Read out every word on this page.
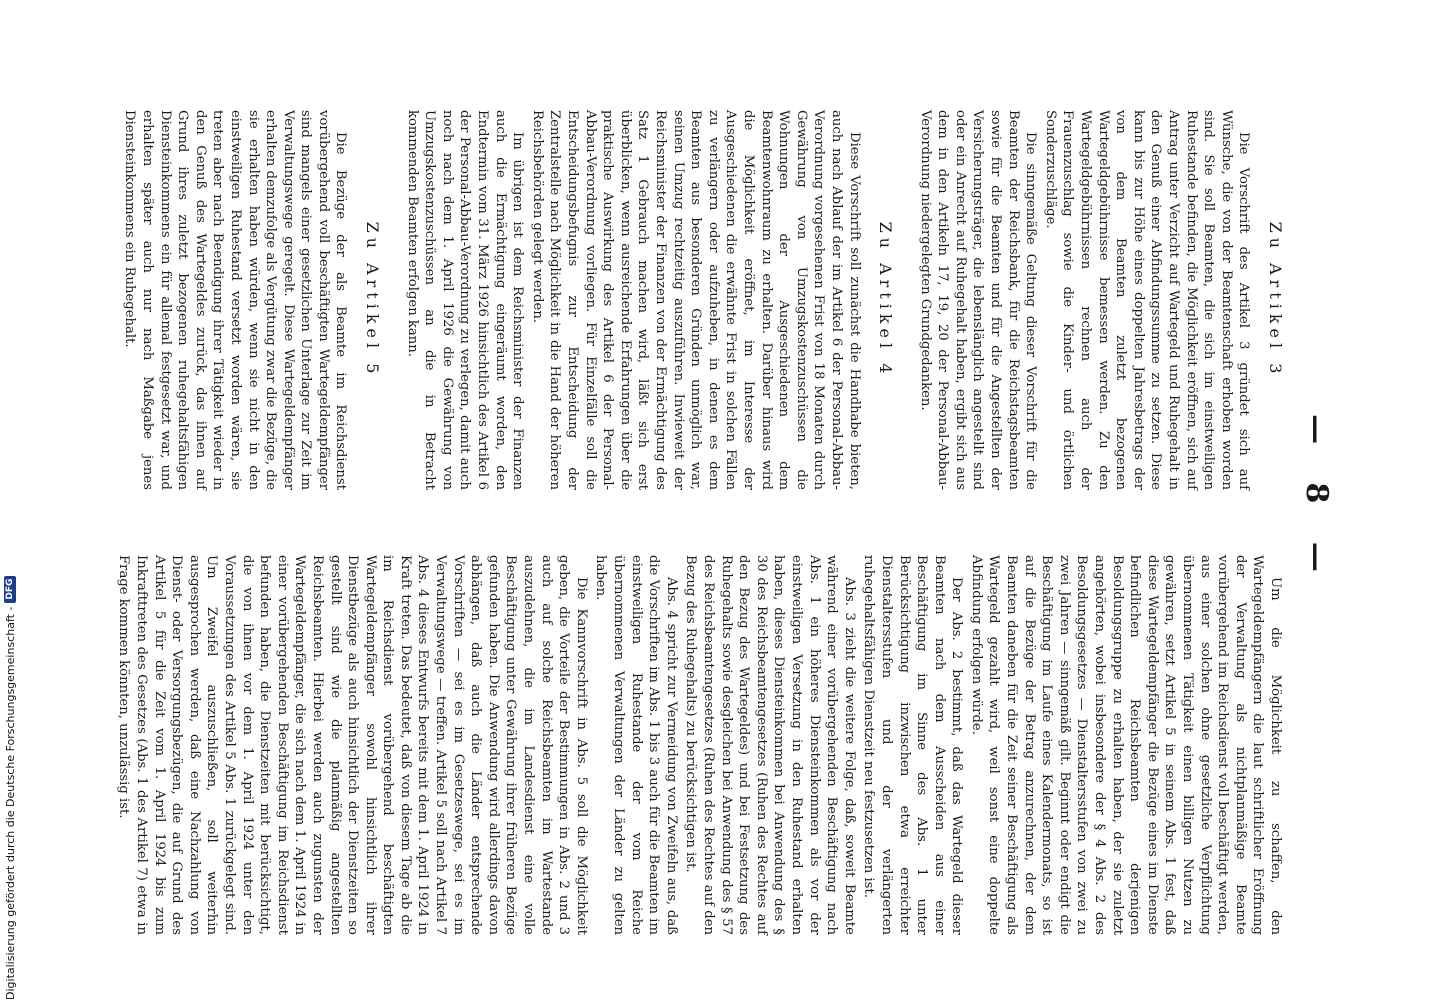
— 8 —

Zu Artikel 3

Die Vorschrift des Artikel 3 gründet sich auf Wünsche, die von der Beamtenschaft erhoben worden sind. Sie soll Beamten, die sich im einstweiligen Ruhestande befinden, die Möglichkeit eröffnen, sich auf Antrag unter Verzicht auf Wartegeld und Ruhegehalt in den Genuß einer Abfindungssumme zu setzen. Diese kann bis zur Höhe eines doppelten Jahresbetrags der von dem Beamten zuletzt bezogenen Wartegeldgebührnisse bemessen werden. Zu den Wartegeldgebührnissen rechnen auch der Frauenzuschlag sowie die Kinder- und örtlichen Sonderzuschläge.

Die sinngemäße Geltung dieser Vorschrift für die Beamten der Reichsbank, für die Reichstagsbeamten sowie für die Beamten und für die Angestellten der Versicherungsträger, die lebenslänglich angestellt sind oder ein Anrecht auf Ruhegehalt haben, ergibt sich aus dem in den Artikeln 17, 19, 20 der Personal-Abbau-Verordnung niedergelegten Grundgedanken.

Zu Artikel 4

Diese Vorschrift soll zunächst die Handhabe bieten, auch nach Ablauf der im Artikel 6 der Personal-Abbau-Verordnung vorgesehenen Frist von 18 Monaten durch Gewährung von Umzugskostenzuschüssen die Wohnungen der Ausgeschiedenen dem Beamtenwohnraum zu erhalten. Darüber hinaus wird die Möglichkeit eröffnet, im Interesse der Ausgeschiedenen die erwähnte Frist in solchen Fällen zu verlängern oder aufzuheben, in denen es dem Beamten aus besonderen Gründen unmöglich war, seinen Umzug rechtzeitig auszuführen. Inwieweit der Reichsminister der Finanzen von der Ermächtigung des Satz 1 Gebrauch machen wird, läßt sich erst überblicken, wenn ausreichende Erfahrungen über die praktische Auswirkung des Artikel 6 der Personal-Abbau-Verordnung vorliegen. Für Einzelfälle soll die Entscheidungsbefugnis zur Entscheidung der Zentralstelle nach Möglichkeit in die Hand der höheren Reichsbehörden gelegt werden.

Im übrigen ist dem Reichsminister der Finanzen auch die Ermächtigung eingeräumt worden, den Endtermin vom 31. März 1926 hinsichtlich des Artikel 6 der Personal-Abbau-Verordnung zu verlegen, damit auch noch nach dem 1. April 1926 die Gewährung von Umzugskostenzuschüssen an die in Betracht kommenden Beamten erfolgen kann.

Zu Artikel 5

Die Bezüge der als Beamte im Reichsdienst vorübergehend voll beschäftigten Wartegeldempfänger sind mangels einer gesetzlichen Unterlage zur Zeit im Verwaltungswege geregelt. Diese Wartegeldempfänger erhalten demzufolge als Vergütung zwar die Bezüge, die sie erhalten haben würden, wenn sie nicht in den einstweiligen Ruhestand versetzt worden wären, sie treten aber nach Beendigung ihrer Tätigkeit wieder in den Genuß des Wartegeldes zurück, das ihnen auf Grund ihres zuletzt bezogenen ruhegehaltsfähigen Diensteinkommens ein für allemal festgesetzt war, und erhalten später auch nur nach Maßgabe jenes Diensteinkommens ein Ruhegehalt.

Um die Möglichkeit zu schaffen, den Wartegeldempfängern die laut schriftlicher Eröffnung der Verwaltung als nichtplanmäßige Beamte vorübergehend im Reichsdienst voll beschäftigt werden, aus einer solchen ohne gesetzliche Verpflichtung übernommenen Tätigkeit einen billigen Nutzen zu gewähren, setzt Artikel 5 in seinem Abs. 1 fest, daß diese Wartegeldempfänger die Bezüge eines im Dienste befindlichen Reichsbeamten derjenigen Besoldungsgruppe zu erhalten haben, der sie zuletzt angehörten, wobei insbesondere der § 4 Abs. 2 des Besoldungsgesetzes — Dienstaltersstufen von zwei zu zwei Jahren — sinngemäß gilt. Beginnt oder endigt die Beschäftigung im Laufe eines Kalendermonats, so ist auf die Bezüge der Betrag anzurechnen, der dem Beamten daneben für die Zeit seiner Beschäftigung als Wartegeld gezahlt wird, weil sonst eine doppelte Abfindung erfolgen würde.

Der Abs. 2 bestimmt, daß das Wartegeld dieser Beamten nach dem Ausscheiden aus einer Beschäftigung im Sinne des Abs. 1 unter Berücksichtigung inzwischen etwa erreichter Dienstaltersstufen und der verlängerten ruhegehaltsfähigen Dienstzeit neu festzusetzen ist.

Abs. 3 zieht die weitere Folge, daß, soweit Beamte während einer vorübergehenden Beschäftigung nach Abs. 1 ein höheres Diensteinkommen als vor der einstweiligen Versetzung in den Ruhestand erhalten haben, dieses Diensteinkommen bei Anwendung des § 30 des Reichsbeamtengesetzes (Ruhen des Rechtes auf den Bezug des Wartegeldes) und bei Festsetzung des Ruhegehalts sowie desgleichen bei Anwendung des § 57 des Reichsbeamtengesetzes (Ruhen des Rechtes auf den Bezug des Ruhegehalts) zu berücksichtigen ist.

Abs. 4 spricht zur Vermeidung von Zweifeln aus, daß die Vorschriften im Abs. 1 bis 3 auch für die Beamten im einstweiligen Ruhestande der vom Reiche übernommenen Verwaltungen der Länder zu gelten haben.

Die Kannvorschrift in Abs. 5 soll die Möglichkeit geben, die Vorteile der Bestimmungen in Abs. 2 und 3 auch auf solche Reichsbeamten im Wartestande auszudehnen, die im Landesdienst eine volle Beschäftigung unter Gewährung ihrer früheren Bezüge gefunden haben. Die Anwendung wird allerdings davon abhängen, daß auch die Länder entsprechende Vorschriften — sei es im Gesetzeswege, sei es im Verwaltungswege — treffen. Artikel 5 soll nach Artikel 7 Abs. 4 dieses Entwurfs bereits mit dem 1. April 1924 in Kraft treten. Das bedeutet, daß von diesem Tage ab die im Reichsdienst vorübergehend beschäftigten Wartegeldempfänger sowohl hinsichtlich ihrer Dienstbezüge als auch hinsichtlich der Dienstzeiten so gestellt sind wie die planmäßig angestellten Reichsbeamten. Hierbei werden auch zugunsten der Wartegeldempfänger, die sich nach dem 1. April 1924 in einer vorübergehenden Beschäftigung im Reichsdienst befunden haben, die Dienstzeiten mit berücksichtigt, die von ihnen vor dem 1. April 1924 unter den Voraussetzungen des Artikel 5 Abs. 1 zurückgelegt sind. Um Zweifel auszuschließen, soll weiterhin ausgesprochen werden, daß eine Nachzahlung von Dienst- oder Versorgungsbezügen, die auf Grund des Artikel 5 für die Zeit vom 1. April 1924 bis zum Inkrafttreten des Gesetzes (Abs. 1 des Artikel 7) etwa in Frage kommen könnten, unzulässig ist.

Digitalisierung gefördert durch die Deutsche Forschungsgemeinschaft -
DFG
